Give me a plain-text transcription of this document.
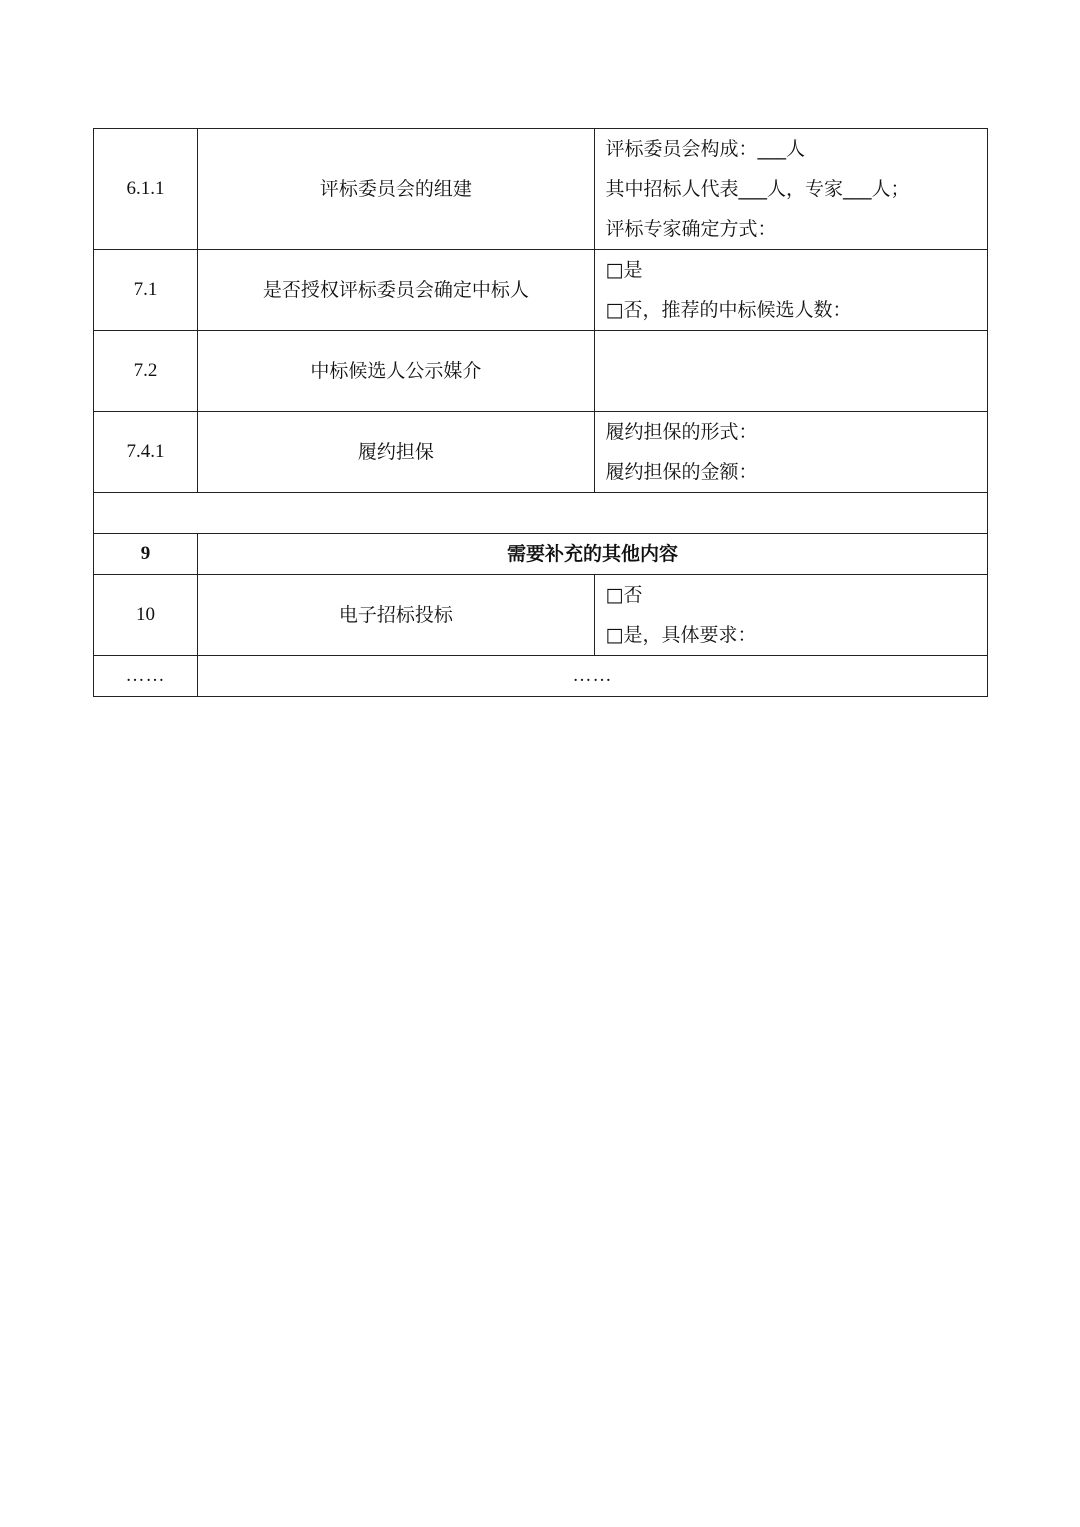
6.1.1	评标委员会的组建	评标委员会构成：___人
其中招标人代表___人，专家___人；
评标专家确定方式：

7.1	是否授权评标委员会确定中标人	□是
□否，推荐的中标候选人数：

7.2	中标候选人公示媒介	
7.4.1	履约担保	履约担保的形式：
履约担保的金额：

9	需要补充的其他内容	
10	电子招标投标	□否
□是，具体要求：

……	……	
